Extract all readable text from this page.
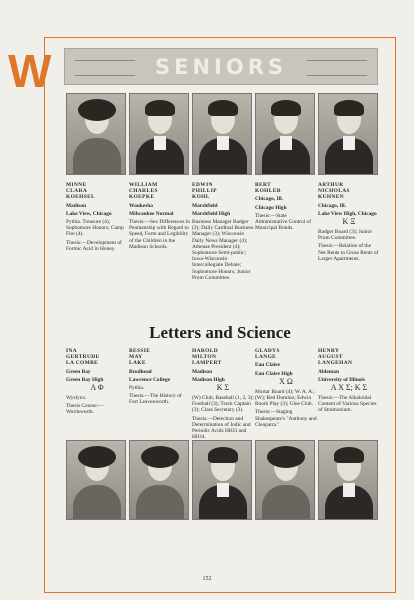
W	SENIORS

MINNE

CLARA

KOEHSEL

Madison

Lake View, Chicago

Pythia. Treasure (4); Sophomore Honors; Camp Fire (4).

Thesis:—Development of Formic Acid in Honey.

WILLIAM

CHARLES

KOEPKE

Waukesha

Milwaukee Normal

Thesis:—Sex Differences in Penmanship with Regard to Speed, Form and Legibility of the Children in the Madison Schools.

EDWIN

PHILLIP

KOHL

Marshfield

Marshfield High

Business Manager Badger (3); Daily Cardinal Business Manager (3); Wisconsin Daily News Manager (4); Athenae President (4); Sophomore Semi-public; Iowa-Wisconsin Intercollegiate Debate; Sophomore Honors; Junior Prom Committee.

BERT

KOHLER

Chicago, Ill.

Chicago High

Thesis:—State Administrative Control of Municipal Bonds.

ARTHUR

NICHOLAS

KUHNEN

Chicago, Ill.

Lake View High, Chicago

Κ Ξ

Badger Board (3); Junior Prom Committee.

Thesis:—Relation of the Net Rents to Gross Rents of Larger Apartments.

Letters and Science

INA

GERTRUDE

LA COMBE

Green Bay

Green Bay High

Α Φ

Wyslynx.

Thesis Course:—Wordsworth.

BESSIE

MAY

LAKE

Brodhead

Lawrence College

Pythia.

Thesis:—The History of Fort Leavenworth.

HAROLD

MILTON

LAMPERT

Madison

Madison High

Κ Σ

(W) Club; Baseball (1, 2, 3); Football (3); Track Captain (3); Class Secretary (3).

Thesis:—Detection and Determination of Iodic and Periodic Acids HIO3 and HIO4.

GLADYS

LANGE

Eau Claire

Eau Claire High

Χ Ω

Mortar Board (4); W. A. A.; (W); Red Domino; Edwin Booth Play (3); Glee Club.

Thesis:—Staging Shakespeare's "Anthony and Cleopatra."

HENRY

AUGUST

LANGEHAN

Ableman

University of Illinois

Α Χ Σ; Κ Σ

Thesis:—The Alkaloidal Content of Various Species of Stramonium.

152
